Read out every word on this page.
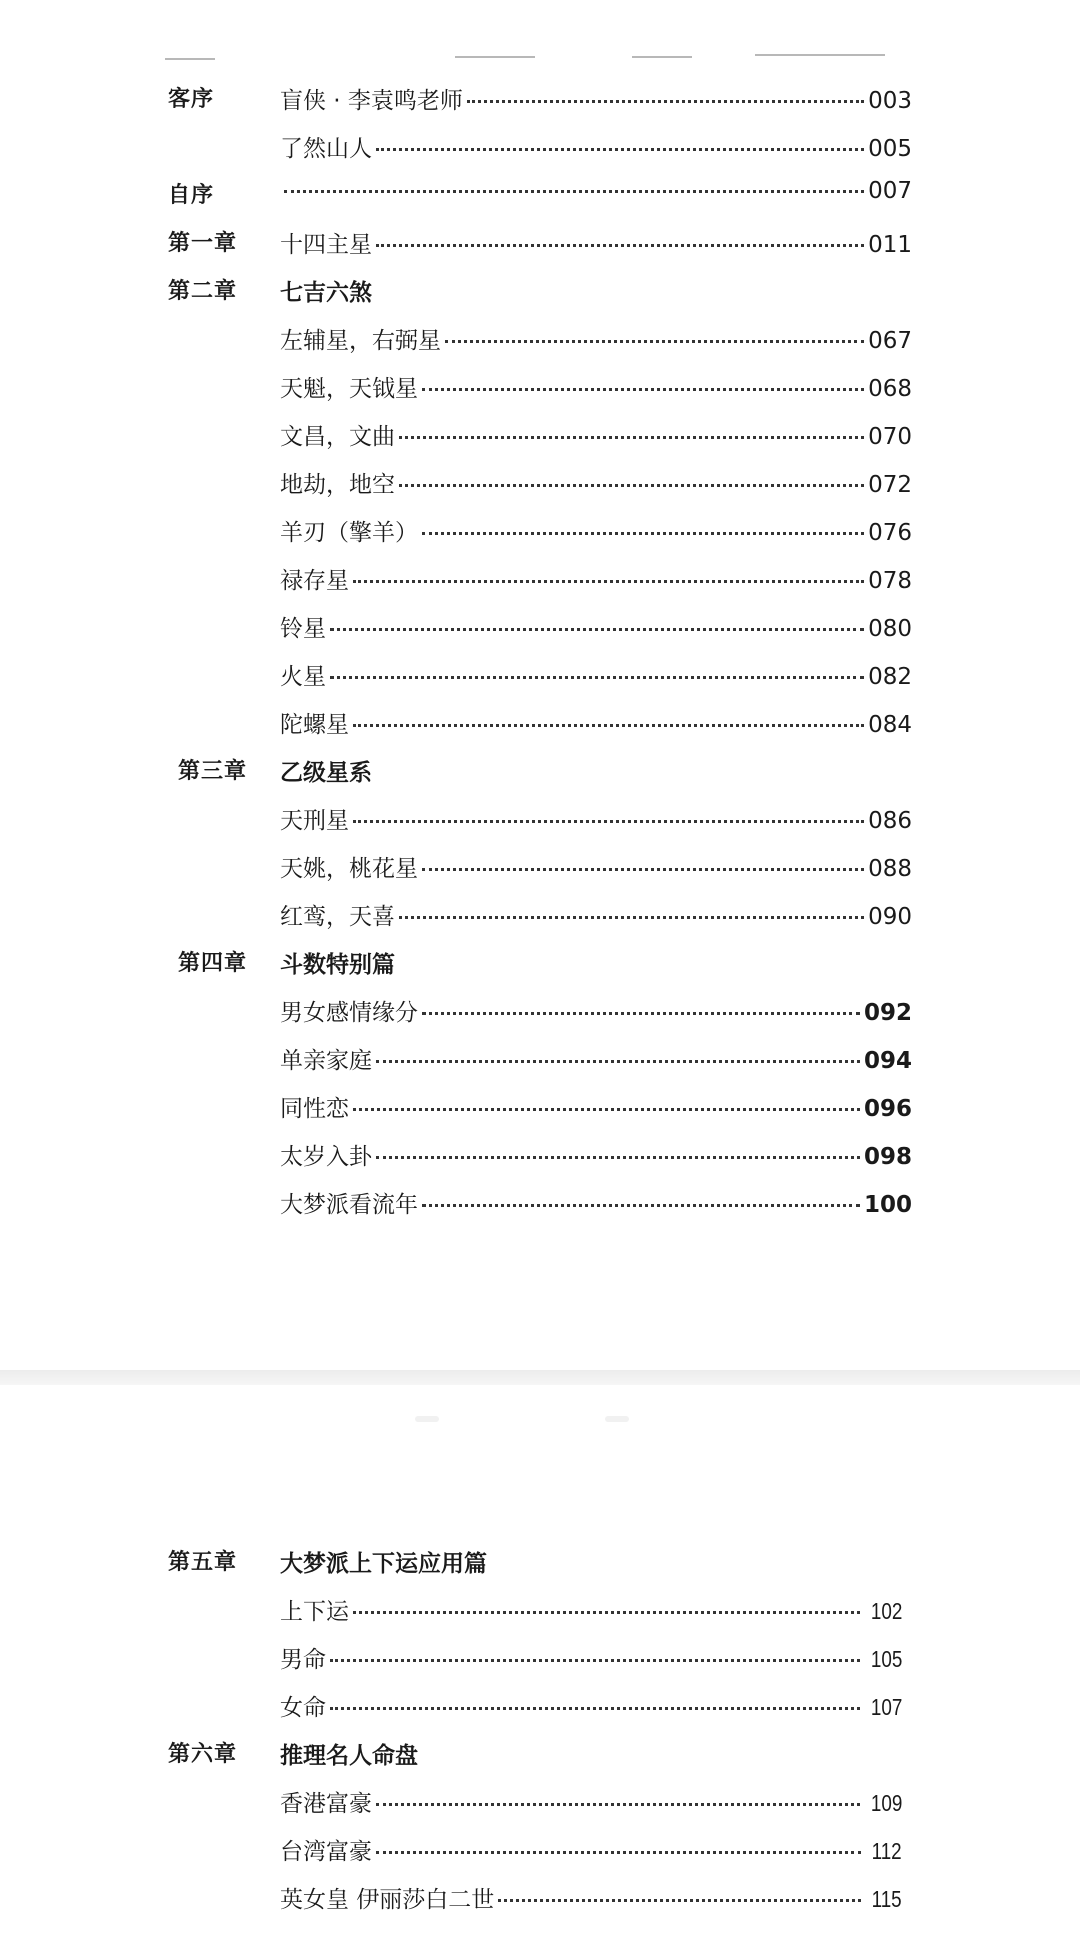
客序	盲侠 · 李袁鸣老师	003
了然山人	005
自序	007
第一章 十四主星	011
第二章 七吉六煞
左辅星，右弼星	067
天魁，天钺星	068
文昌，文曲	070
地劫，地空	072
羊刃（擎羊）	076
禄存星	078
铃星	080
火星	082
陀螺星	084
第三章 乙级星系
天刑星	086
天姚，桃花星	088
红鸾，天喜	090
第四章 斗数特别篇
男女感情缘分	092
单亲家庭	094
同性恋	096
太岁入卦	098
大梦派看流年	100
第五章 大梦派上下运应用篇
上下运	102
男命	105
女命	107
第六章 推理名人命盘
香港富豪	109
台湾富豪	112
英女皇 伊丽莎白二世	115
